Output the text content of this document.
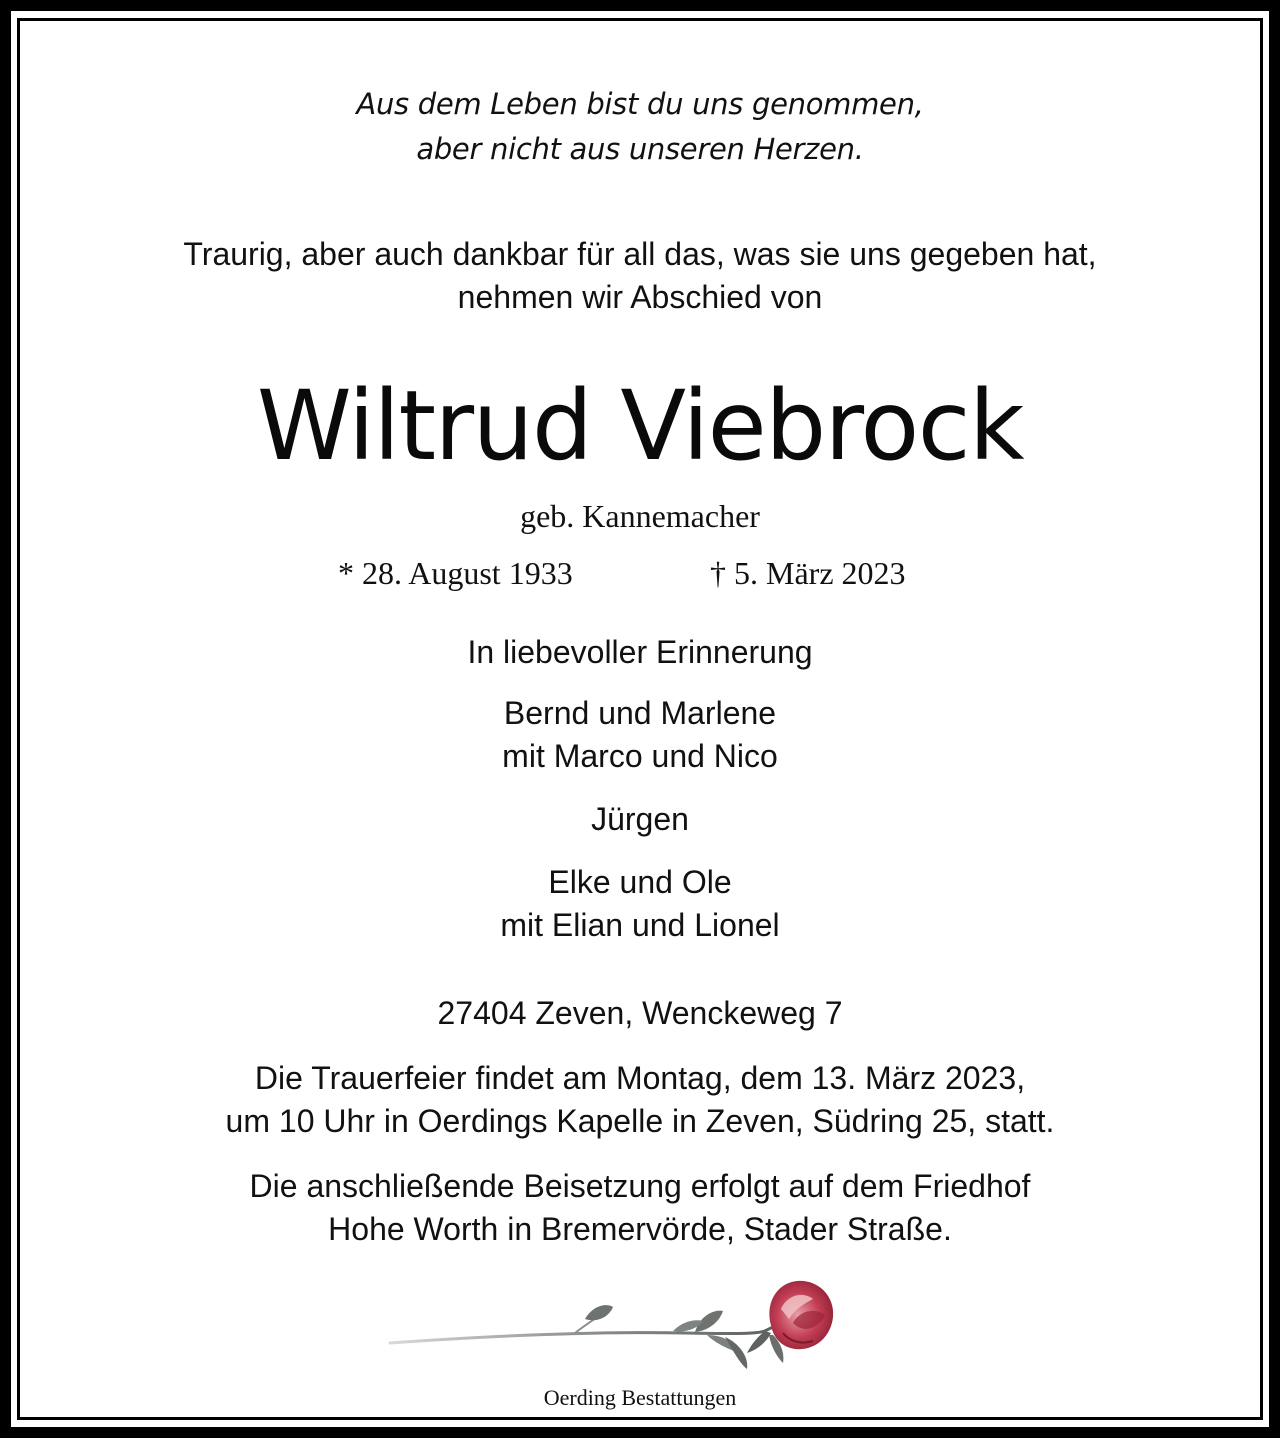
Aus dem Leben bist du uns genommen,
aber nicht aus unseren Herzen.
Traurig, aber auch dankbar für all das, was sie uns gegeben hat,
nehmen wir Abschied von
Wiltrud Viebrock
geb. Kannemacher
* 28. August 1933	† 5. März 2023
In liebevoller Erinnerung
Bernd und Marlene
mit Marco und Nico
Jürgen
Elke und Ole
mit Elian und Lionel
27404 Zeven, Wenckeweg 7
Die Trauerfeier findet am Montag, dem 13. März 2023,
um 10 Uhr in Oerdings Kapelle in Zeven, Südring 25, statt.
Die anschließende Beisetzung erfolgt auf dem Friedhof
Hohe Worth in Bremervörde, Stader Straße.
Oerding Bestattungen
